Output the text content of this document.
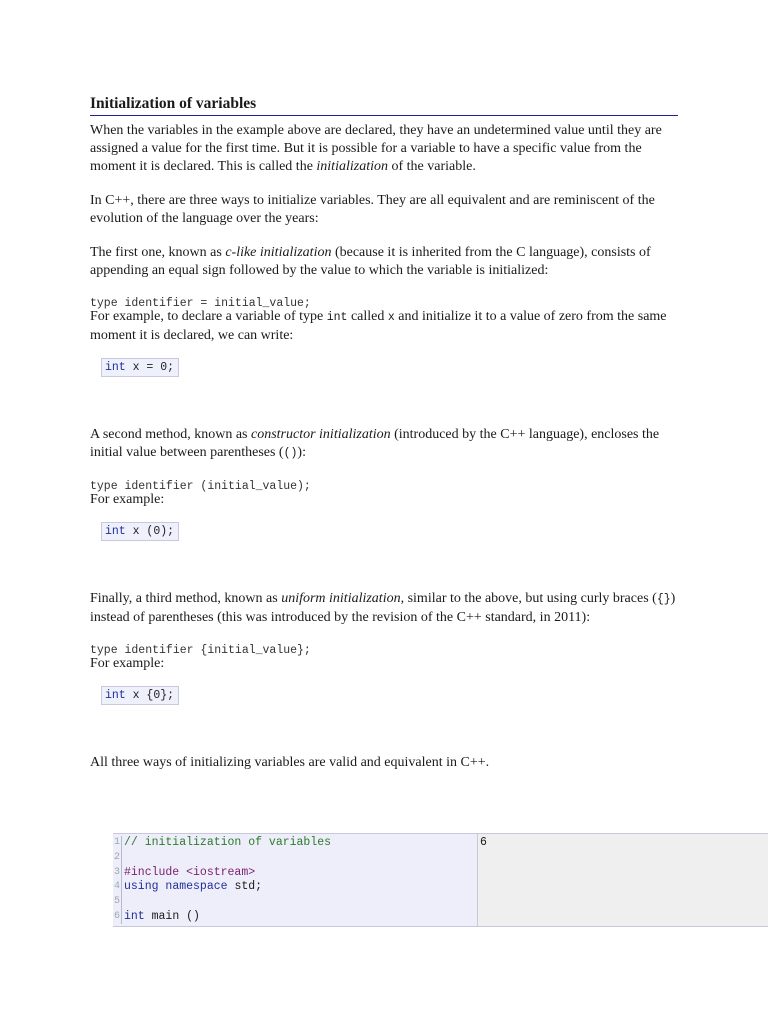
Initialization of variables

When the variables in the example above are declared, they have an undetermined value until they are assigned a value for the first time. But it is possible for a variable to have a specific value from the moment it is declared. This is called the initialization of the variable.

In C++, there are three ways to initialize variables. They are all equivalent and are reminiscent of the evolution of the language over the years:

The first one, known as c-like initialization (because it is inherited from the C language), consists of appending an equal sign followed by the value to which the variable is initialized:

type identifier = initial_value;

For example, to declare a variable of type int called x and initialize it to a value of zero from the same moment it is declared, we can write:

int x = 0;

A second method, known as constructor initialization (introduced by the C++ language), encloses the initial value between parentheses (()):

type identifier (initial_value);

For example:

int x (0);

Finally, a third method, known as uniform initialization, similar to the above, but using curly braces ({}) instead of parentheses (this was introduced by the revision of the C++ standard, in 2011):

type identifier {initial_value};

For example:

int x {0};

All three ways of initializing variables are valid and equivalent in C++.

1
2
3
4
5
6
// initialization of variables
#include <iostream>
using namespace std;
int main ()
6
